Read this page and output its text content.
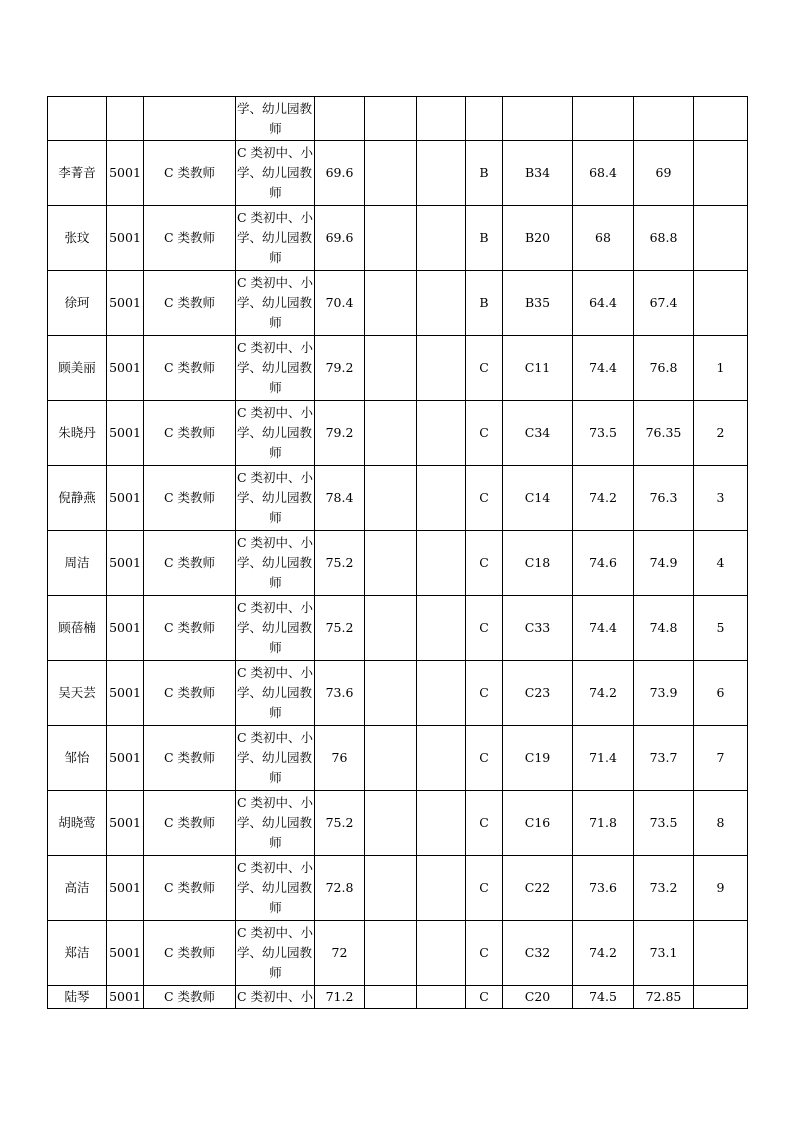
			学、幼儿园教
师								

李菁音	5001	C 类教师	C 类初中、小
学、幼儿园教
师	69.6			B	B34	68.4	69	
张玟	5001	C 类教师	C 类初中、小
学、幼儿园教
师	69.6			B	B20	68	68.8	
徐珂	5001	C 类教师	C 类初中、小
学、幼儿园教
师	70.4			B	B35	64.4	67.4	
顾美丽	5001	C 类教师	C 类初中、小
学、幼儿园教
师	79.2			C	C11	74.4	76.8	1
朱晓丹	5001	C 类教师	C 类初中、小
学、幼儿园教
师	79.2			C	C34	73.5	76.35	2
倪静燕	5001	C 类教师	C 类初中、小
学、幼儿园教
师	78.4			C	C14	74.2	76.3	3
周洁	5001	C 类教师	C 类初中、小
学、幼儿园教
师	75.2			C	C18	74.6	74.9	4
顾蓓楠	5001	C 类教师	C 类初中、小
学、幼儿园教
师	75.2			C	C33	74.4	74.8	5
吴天芸	5001	C 类教师	C 类初中、小
学、幼儿园教
师	73.6			C	C23	74.2	73.9	6
邹怡	5001	C 类教师	C 类初中、小
学、幼儿园教
师	76			C	C19	71.4	73.7	7
胡晓莺	5001	C 类教师	C 类初中、小
学、幼儿园教
师	75.2			C	C16	71.8	73.5	8
高洁	5001	C 类教师	C 类初中、小
学、幼儿园教
师	72.8			C	C22	73.6	73.2	9
郑洁	5001	C 类教师	C 类初中、小
学、幼儿园教
师	72			C	C32	74.2	73.1	
陆琴	5001	C 类教师	C 类初中、小	71.2			C	C20	74.5	72.85	
